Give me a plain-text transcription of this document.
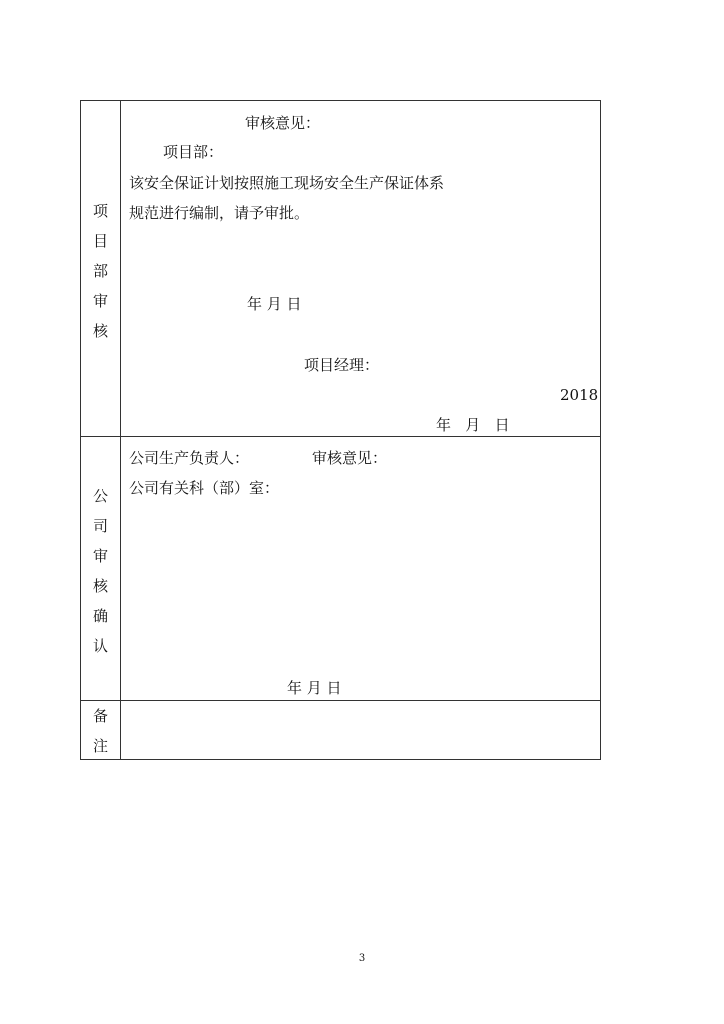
项
目
部
审
核
审核意见：
项目部：
该安全保证计划按照施工现场安全生产保证体系
规范进行编制，请予审批。
年 月 日
项目经理：
2018
年   月   日
公
司
审
核
确
认
公司生产负责人：	审核意见：
公司有关科（部）室：
年 月 日
备
注
3
